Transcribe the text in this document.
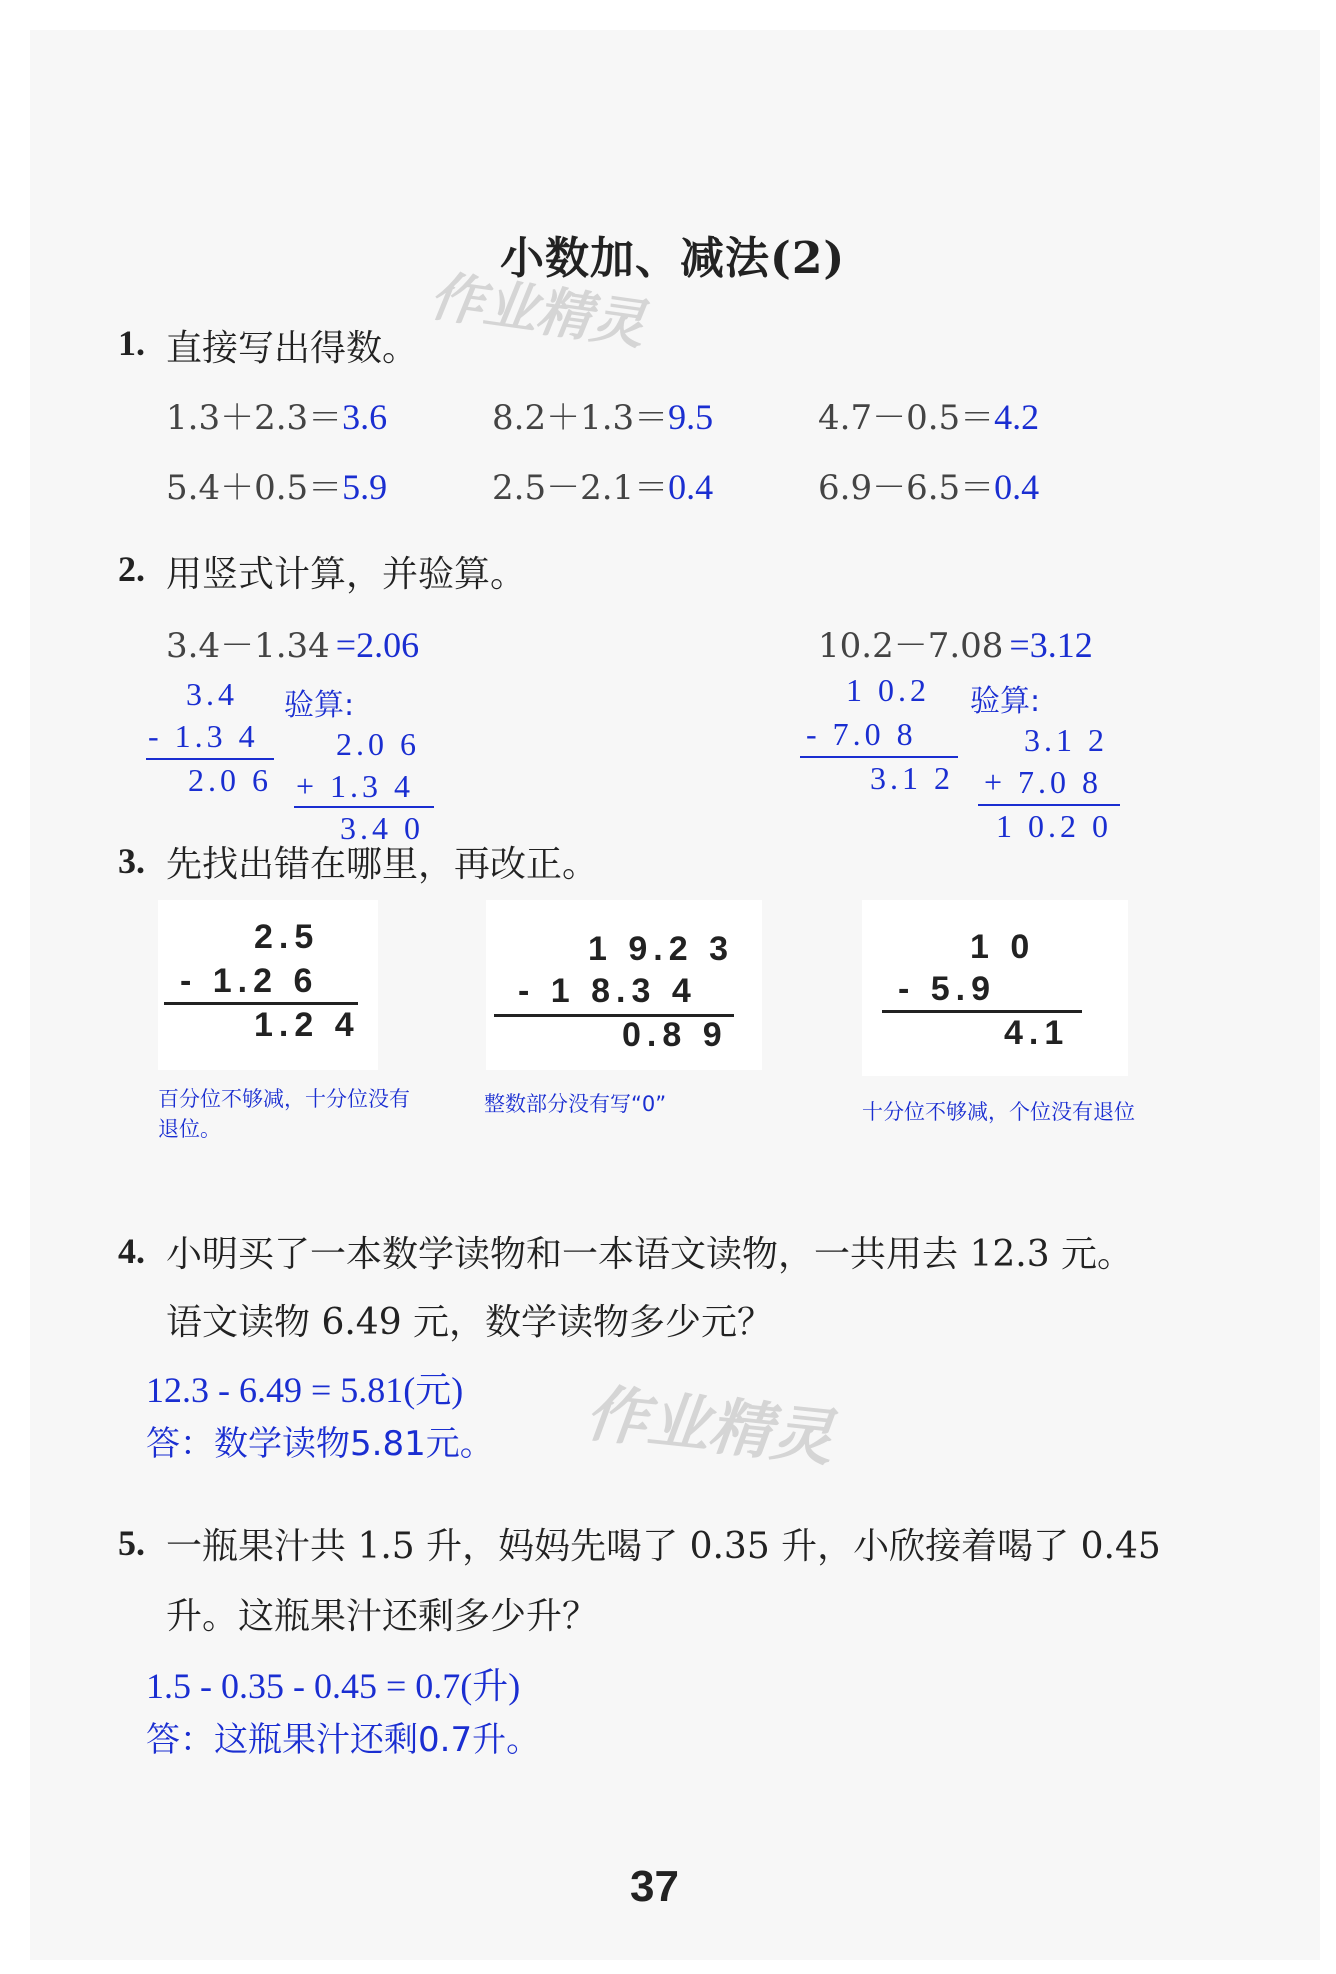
小数加、减法(2)
作业精灵
1. 直接写出得数。
1.3＋2.3＝3.6	8.2＋1.3＝9.5	4.7－0.5＝4.2
5.4＋0.5＝5.9	2.5－2.1＝0.4	6.9－6.5＝0.4
2. 用竖式计算，并验算。
3.4－1.34 =2.06
3.4
- 1.3 4
2.0 6
验算:
2.0 6
+ 1.3 4
3.4 0
10.2－7.08 =3.12
1 0.2
- 7.0 8
3.1 2
验算:
3.1 2
+ 7.0 8
1 0.2 0
3. 先找出错在哪里，再改正。
2.5
- 1.2 6
1.2 4
百分位不够减，十分位没有退位。
1 9.2 3
- 1 8.3 4
0.8 9
整数部分没有写“0”
1 0
- 5.9
4.1
十分位不够减，个位没有退位
4. 小明买了一本数学读物和一本语文读物，一共用去 12.3 元。
语文读物 6.49 元，数学读物多少元？
12.3 - 6.49 = 5.81(元)
答：数学读物5.81元。 作业精灵
5. 一瓶果汁共 1.5 升，妈妈先喝了 0.35 升，小欣接着喝了 0.45
升。这瓶果汁还剩多少升？
1.5 - 0.35 - 0.45 = 0.7(升)
答：这瓶果汁还剩0.7升。
37
